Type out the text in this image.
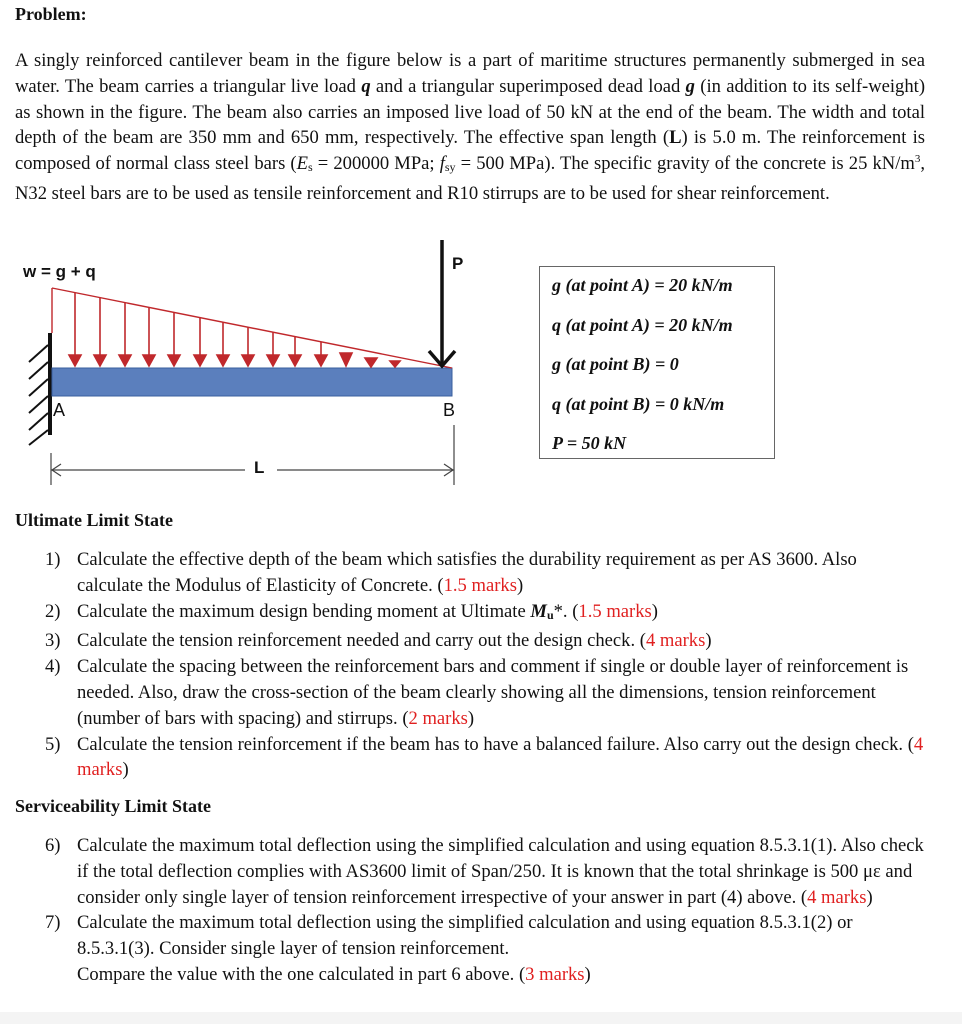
Problem:
A singly reinforced cantilever beam in the figure below is a part of maritime structures permanently submerged in sea water. The beam carries a triangular live load q and a triangular superimposed dead load g (in addition to its self-weight) as shown in the figure. The beam also carries an imposed live load of 50 kN at the end of the beam. The width and total depth of the beam are 350 mm and 650 mm, respectively. The effective span length (L) is 5.0 m. The reinforcement is composed of normal class steel bars ($E_s = 200000$ MPa; $f_{sy} = 500$ MPa). The specific gravity of the concrete is 25 $kN/m^3$, N32 steel bars are to be used as tensile reinforcement and R10 stirrups are to be used for shear reinforcement.
w = g + q	P
A	B
L
g (at point A) = 20 kN/m
q (at point A) = 20 kN/m
g (at point B) = 0
q (at point B) = 0 kN/m
P = 50 kN
Ultimate Limit State
1) Calculate the effective depth of the beam which satisfies the durability requirement as per AS 3600. Also calculate the Modulus of Elasticity of Concrete. (1.5 marks)
2) Calculate the maximum design bending moment at Ultimate $M_u*$. (1.5 marks)
3) Calculate the tension reinforcement needed and carry out the design check. (4 marks)
4) Calculate the spacing between the reinforcement bars and comment if single or double layer of reinforcement is needed. Also, draw the cross-section of the beam clearly showing all the dimensions, tension reinforcement (number of bars with spacing) and stirrups. (2 marks)
5) Calculate the tension reinforcement if the beam has to have a balanced failure. Also carry out the design check. (4 marks)
Serviceability Limit State
6) Calculate the maximum total deflection using the simplified calculation and using equation 8.5.3.1(1). Also check if the total deflection complies with AS3600 limit of Span/250. It is known that the total shrinkage is 500 με and consider only single layer of tension reinforcement irrespective of your answer in part (4) above. (4 marks)
7) Calculate the maximum total deflection using the simplified calculation and using equation 8.5.3.1(2) or 8.5.3.1(3). Consider single layer of tension reinforcement.
Compare the value with the one calculated in part 6 above. (3 marks)
